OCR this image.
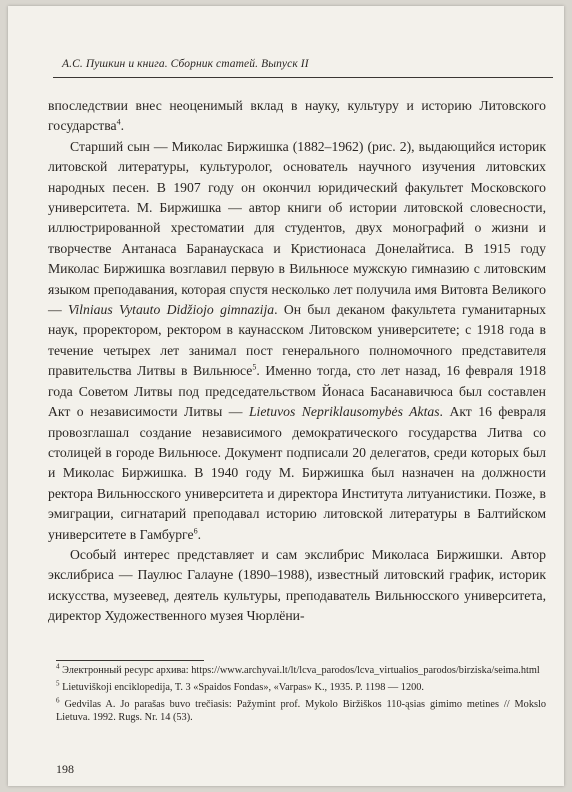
А.С. Пушкин и книга. Сборник статей. Выпуск II

впоследствии внес неоценимый вклад в науку, культуру и историю Литовского государства$^4$.

Старший сын — Миколас Биржишка (1882–1962) (рис. 2), выдающийся историк литовской литературы, культуролог, основатель научного изучения литовских народных песен. В 1907 году он окончил юридический факультет Московского университета. М. Биржишка — автор книги об истории литовской словесности, иллюстрированной хрестоматии для студентов, двух монографий о жизни и творчестве Антанаса Баранаускаса и Кристионаса Донелайтиса. В 1915 году Миколас Биржишка возглавил первую в Вильнюсе мужскую гимназию с литовским языком преподавания, которая спустя несколько лет получила имя Витовта Великого — Vilniaus Vytauto Didžiojo gimnazija. Он был деканом факультета гуманитарных наук, проректором, ректором в каунасском Литовском университете; с 1918 года в течение четырех лет занимал пост генерального полномочного представителя правительства Литвы в Вильнюсе$^5$. Именно тогда, сто лет назад, 16 февраля 1918 года Советом Литвы под председательством Йонаса Басанавичюса был составлен Акт о независимости Литвы — Lietuvos Nepriklausomybės Aktas. Акт 16 февраля провозглашал создание независимого демократического государства Литва со столицей в городе Вильнюсе. Документ подписали 20 делегатов, среди которых был и Миколас Биржишка. В 1940 году М. Биржишка был назначен на должности ректора Вильнюсского университета и директора Института литуанистики. Позже, в эмиграции, сигнатарий преподавал историю литовской литературы в Балтийском университете в Гамбурге$^6$.

Особый интерес представляет и сам экслибрис Миколаса Биржишки. Автор экслибриса — Паулюс Галауне (1890–1988), известный литовский график, историк искусства, музеевед, деятель культуры, преподаватель Вильнюсского университета, директор Художественного музея Чюрлёни-

$^4$ Электронный ресурс архива: https://www.archyvai.lt/lt/lcva_parodos/lcva_virtualios_parodos/birziska/seima.html

$^5$ Lietuviškoji enciklopedija, T. 3 «Spaidos Fondas», «Varpas» K., 1935. P. 1198 — 1200.

$^6$ Gedvilas A. Jo parašas buvo trečiasis: Pažymint prof. Mykolo Biržiškos 110-ąsias gimimo metines // Mokslo Lietuva. 1992. Rugs. Nr. 14 (53).

198
